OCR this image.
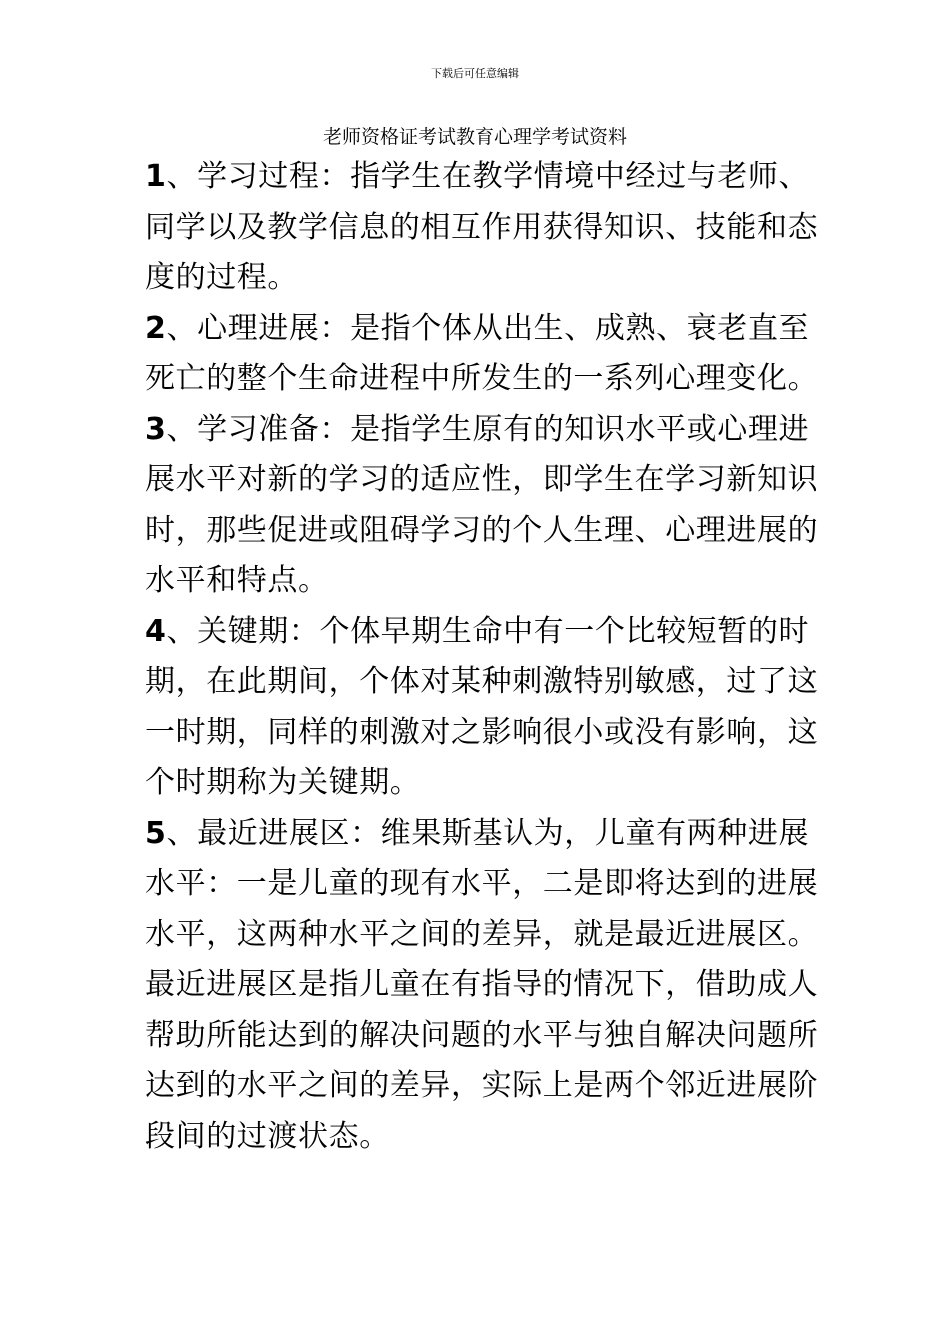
下载后可任意编辑
老师资格证考试教育心理学考试资料

1、学习过程：指学生在教学情境中经过与老师、同学以及教学信息的相互作用获得知识、技能和态度的过程。

2、心理进展：是指个体从出生、成熟、衰老直至死亡的整个生命进程中所发生的一系列心理变化。

3、学习准备：是指学生原有的知识水平或心理进展水平对新的学习的适应性，即学生在学习新知识时，那些促进或阻碍学习的个人生理、心理进展的水平和特点。

4、关键期：个体早期生命中有一个比较短暂的时期，在此期间，个体对某种刺激特别敏感，过了这一时期，同样的刺激对之影响很小或没有影响，这个时期称为关键期。

5、最近进展区：维果斯基认为，儿童有两种进展水平：一是儿童的现有水平，二是即将达到的进展水平，这两种水平之间的差异，就是最近进展区。最近进展区是指儿童在有指导的情况下，借助成人帮助所能达到的解决问题的水平与独自解决问题所达到的水平之间的差异，实际上是两个邻近进展阶段间的过渡状态。
